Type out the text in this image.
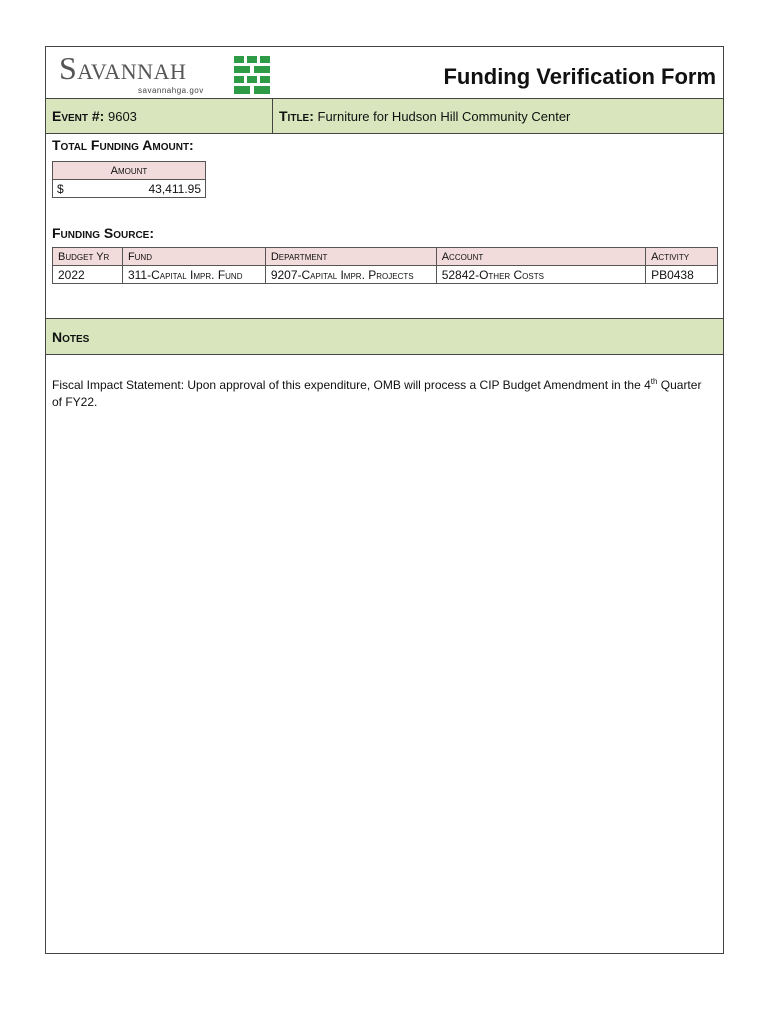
Savannah
savannahga.gov
Funding Verification Form
Event #: 9603	Title: Furniture for Hudson Hill Community Center
Total Funding Amount:
Amount

$	43,411.95
Funding Source:
Budget Yr	Fund	Department	Account	Activity
2022	311-Capital Impr. Fund	9207-Capital Impr. Projects	52842-Other Costs	PB0438
Notes
Fiscal Impact Statement: Upon approval of this expenditure, OMB will process a CIP Budget Amendment in the 4th Quarter of FY22.
